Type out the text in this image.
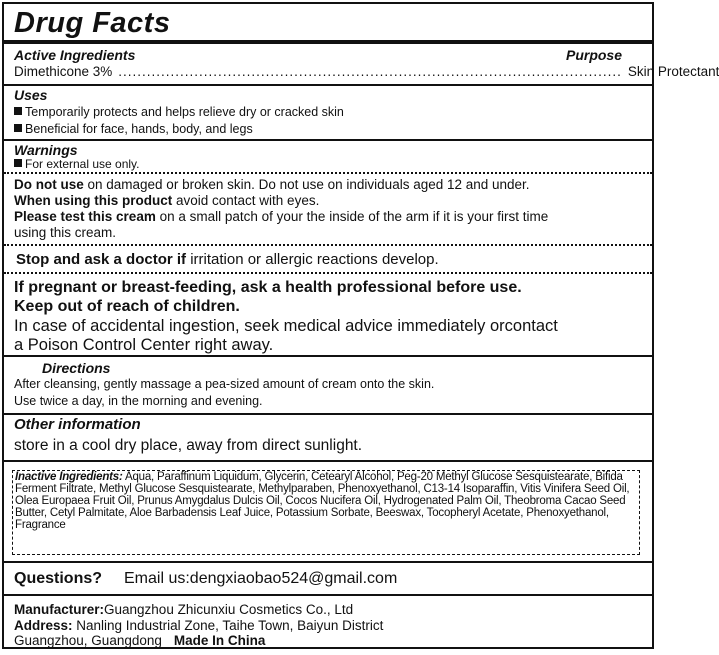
Drug Facts
Active Ingredients	Purpose
Dimethicone 3% .......................................................................................................... Skin Protectant
Uses
Temporarily protects and helps relieve dry or cracked skin
Beneficial for face, hands, body, and legs
Warnings
For external use only.
Do not use on damaged or broken skin. Do not use on individuals aged 12 and under.
When using this product avoid contact with eyes.
Please test this cream on a small patch of your the inside of the arm if it is your first time
using this cream.
Stop and ask a doctor if irritation or allergic reactions develop.
If pregnant or breast-feeding, ask a health professional before use.
Keep out of reach of children.
In case of accidental ingestion, seek medical advice immediately orcontact
a Poison Control Center right away.
Directions
After cleansing, gently massage a pea-sized amount of cream onto the skin.
Use twice a day, in the morning and evening.
Other information
store in a cool dry place, away from direct sunlight.
Inactive Ingredients: Aqua, Paraffinum Liquidum, Glycerin, Cetearyl Alcohol, Peg-20 Methyl Glucose Sesquistearate, Bifida Ferment Filtrate, Methyl Glucose Sesquistearate, Methylparaben, Phenoxyethanol, C13-14 Isoparaffin, Vitis Vinifera Seed Oil, Olea Europaea Fruit Oil, Prunus Amygdalus Dulcis Oil, Cocos Nucifera Oil, Hydrogenated Palm Oil, Theobroma Cacao Seed Butter, Cetyl Palmitate, Aloe Barbadensis Leaf Juice, Potassium Sorbate, Beeswax, Tocopheryl Acetate, Phenoxyethanol, Fragrance
Questions? Email us:dengxiaobao524@gmail.com
Manufacturer:Guangzhou Zhicunxiu Cosmetics Co., Ltd
Address: Nanling Industrial Zone, Taihe Town, Baiyun District
Guangzhou, Guangdong Made In China
